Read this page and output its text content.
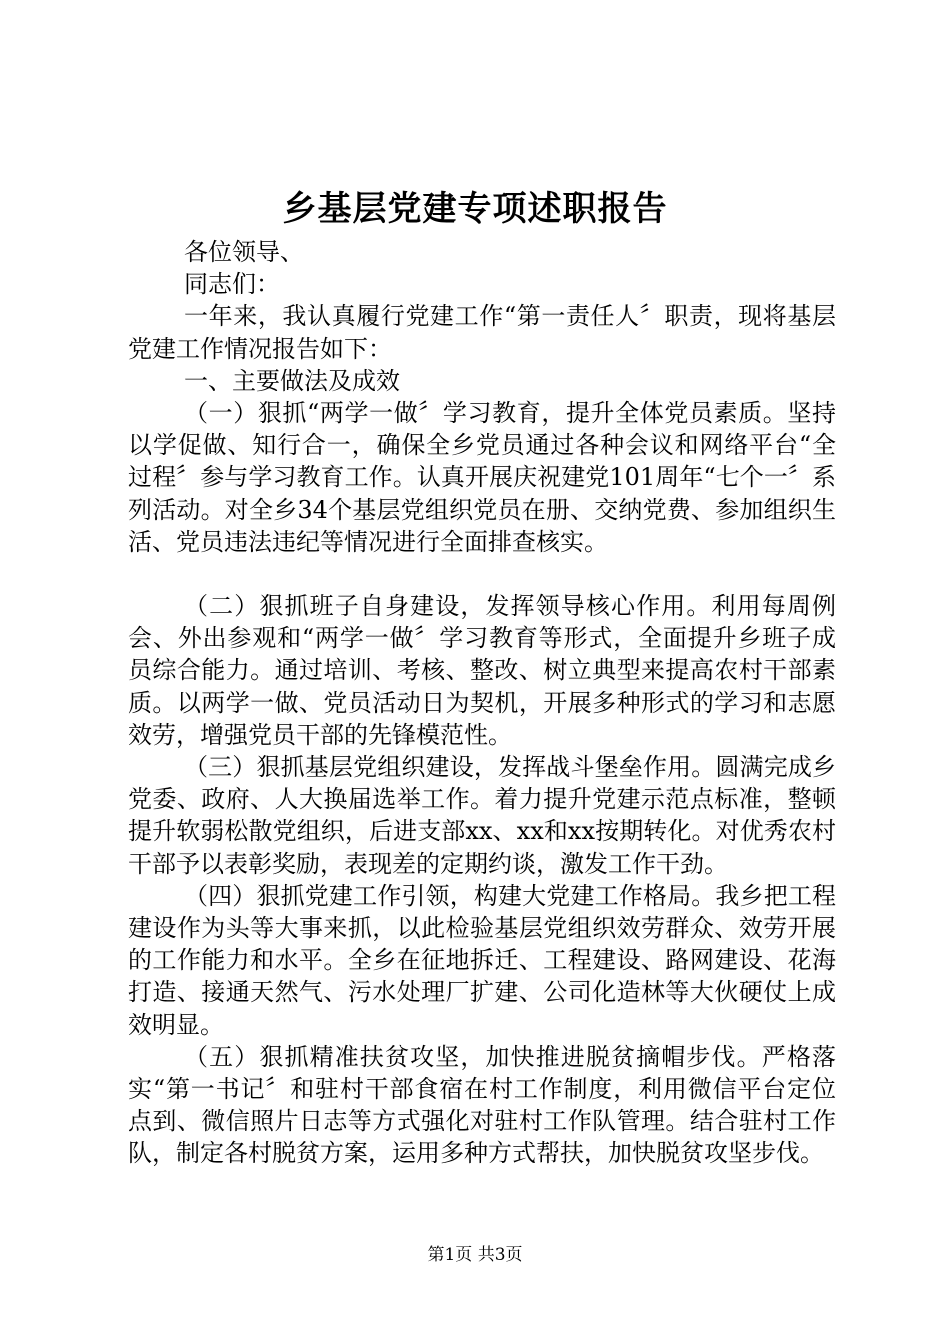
乡基层党建专项述职报告

各位领导、

同志们：

一年来，我认真履行党建工作“第一责任人〞职责，现将基层党建工作情况报告如下：

一、主要做法及成效

（一）狠抓“两学一做〞学习教育，提升全体党员素质。坚持以学促做、知行合一，确保全乡党员通过各种会议和网络平台“全过程〞参与学习教育工作。认真开展庆祝建党101周年“七个一〞系列活动。对全乡34个基层党组织党员在册、交纳党费、参加组织生活、党员违法违纪等情况进行全面排查核实。

（二）狠抓班子自身建设，发挥领导核心作用。利用每周例会、外出参观和“两学一做〞学习教育等形式，全面提升乡班子成员综合能力。通过培训、考核、整改、树立典型来提高农村干部素质。以两学一做、党员活动日为契机，开展多种形式的学习和志愿效劳，增强党员干部的先锋模范性。

（三）狠抓基层党组织建设，发挥战斗堡垒作用。圆满完成乡党委、政府、人大换届选举工作。着力提升党建示范点标准，整顿提升软弱松散党组织，后进支部xx、xx和xx按期转化。对优秀农村干部予以表彰奖励，表现差的定期约谈，激发工作干劲。

（四）狠抓党建工作引领，构建大党建工作格局。我乡把工程建设作为头等大事来抓，以此检验基层党组织效劳群众、效劳开展的工作能力和水平。全乡在征地拆迁、工程建设、路网建设、花海打造、接通天然气、污水处理厂扩建、公司化造林等大伙硬仗上成效明显。

（五）狠抓精准扶贫攻坚，加快推进脱贫摘帽步伐。严格落实“第一书记〞和驻村干部食宿在村工作制度，利用微信平台定位点到、微信照片日志等方式强化对驻村工作队管理。结合驻村工作队，制定各村脱贫方案，运用多种方式帮扶，加快脱贫攻坚步伐。

第1页 共3页
